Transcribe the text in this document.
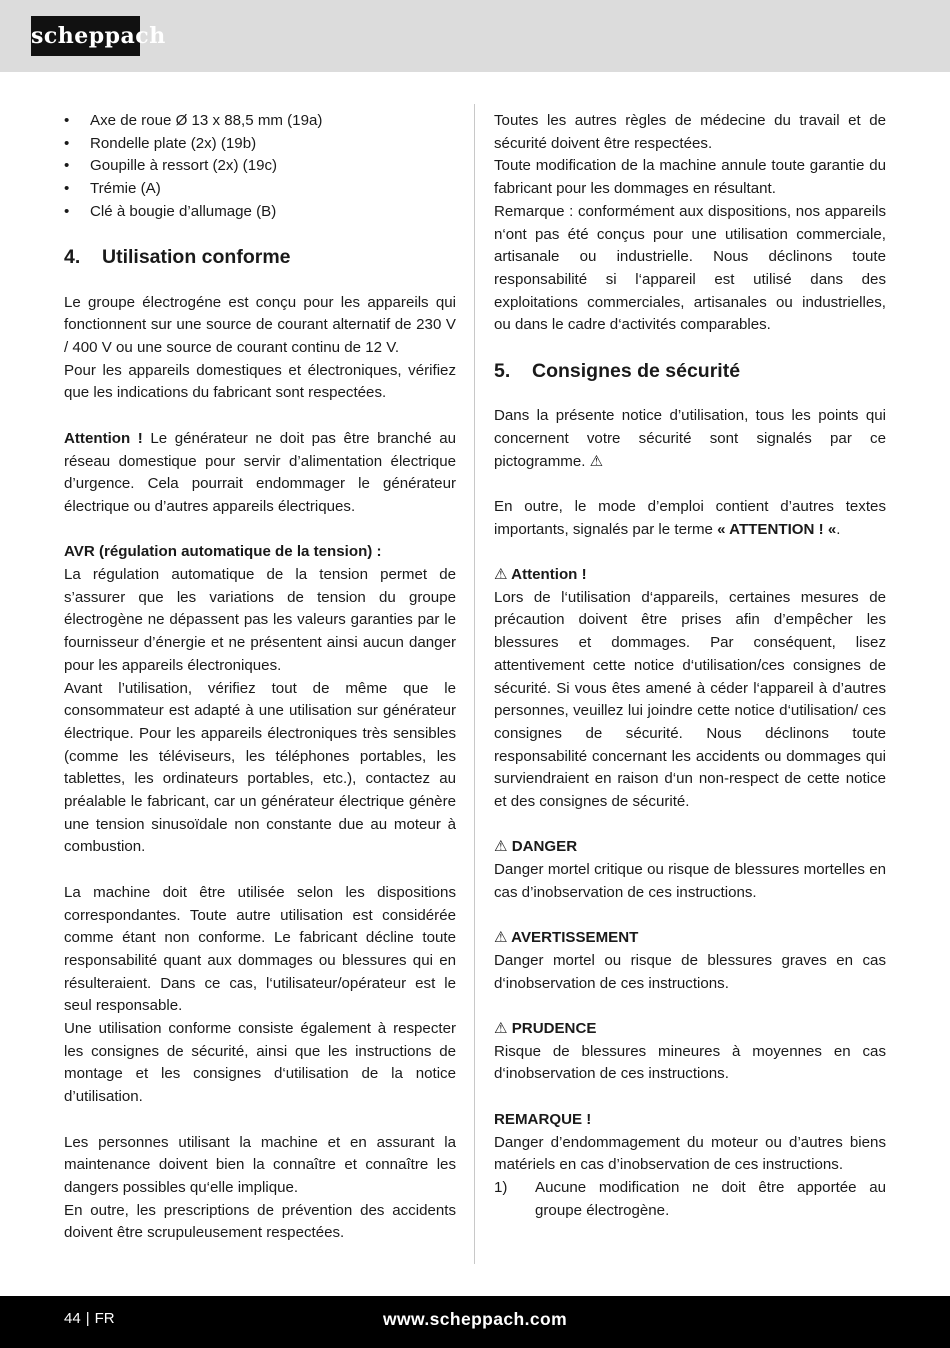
scheppach
• Axe de roue Ø 13 x 88,5 mm (19a)
• Rondelle plate (2x) (19b)
• Goupille à ressort (2x) (19c)
• Trémie (A)
• Clé à bougie d’allumage (B)
4.	Utilisation conforme

Le groupe électrogéne est conçu pour les appareils qui fonctionnent sur une source de courant alternatif de 230 V / 400 V ou une source de courant continu de 12 V.

Pour les appareils domestiques et électroniques, vérifiez que les indications du fabricant sont respectées.

Attention ! Le générateur ne doit pas être branché au réseau domestique pour servir d’alimentation électrique d’urgence. Cela pourrait endommager le générateur électrique ou d’autres appareils électriques.

AVR (régulation automatique de la tension) :

La régulation automatique de la tension permet de s’assurer que les variations de tension du groupe électrogène ne dépassent pas les valeurs garanties par le fournisseur d’énergie et ne présentent ainsi aucun danger pour les appareils électroniques.

Avant l’utilisation, vérifiez tout de même que le consommateur est adapté à une utilisation sur générateur électrique. Pour les appareils électroniques très sensibles (comme les téléviseurs, les téléphones portables, les tablettes, les ordinateurs portables, etc.), contactez au préalable le fabricant, car un générateur électrique génère une tension sinusoïdale non constante due au moteur à combustion.

La machine doit être utilisée selon les dispositions correspondantes. Toute autre utilisation est considérée comme étant non conforme. Le fabricant décline toute responsabilité quant aux dommages ou blessures qui en résulteraient. Dans ce cas, l‘utilisateur/opérateur est le seul responsable.

Une utilisation conforme consiste également à respecter les consignes de sécurité, ainsi que les instructions de montage et les consignes d‘utilisation de la notice d’utilisation.

Les personnes utilisant la machine et en assurant la maintenance doivent bien la connaître et connaître les dangers possibles qu‘elle implique.

En outre, les prescriptions de prévention des accidents doivent être scrupuleusement respectées.

Toutes les autres règles de médecine du travail et de sécurité doivent être respectées.

Toute modification de la machine annule toute garantie du fabricant pour les dommages en résultant.

Remarque : conformément aux dispositions, nos appareils n‘ont pas été conçus pour une utilisation commerciale, artisanale ou industrielle. Nous déclinons toute responsabilité si l‘appareil est utilisé dans des exploitations commerciales, artisanales ou industrielles, ou dans le cadre d‘activités comparables.

5.	Consignes de sécurité

Dans la présente notice d’utilisation, tous les points qui concernent votre sécurité sont signalés par ce pictogramme. ⚠

En outre, le mode d’emploi contient d’autres textes importants, signalés par le terme « ATTENTION ! «.

⚠ Attention !

Lors de l‘utilisation d‘appareils, certaines mesures de précaution doivent être prises afin d’empêcher les blessures et dommages. Par conséquent, lisez attentivement cette notice d‘utilisation/ces consignes de sécurité. Si vous êtes amené à céder l‘appareil à d’autres personnes, veuillez lui joindre cette notice d‘utilisation/ ces consignes de sécurité. Nous déclinons toute responsabilité concernant les accidents ou dommages qui surviendraient en raison d‘un non-respect de cette notice et des consignes de sécurité.

⚠ DANGER

Danger mortel critique ou risque de blessures mortelles en cas d’inobservation de ces instructions.

⚠ AVERTISSEMENT

Danger mortel ou risque de blessures graves en cas d‘inobservation de ces instructions.

⚠ PRUDENCE

Risque de blessures mineures à moyennes en cas d‘inobservation de ces instructions.

REMARQUE !

Danger d’endommagement du moteur ou d’autres biens matériels en cas d’inobservation de ces instructions.

1)	Aucune modification ne doit être apportée au groupe électrogène.
www.scheppach.com
44 | FR
